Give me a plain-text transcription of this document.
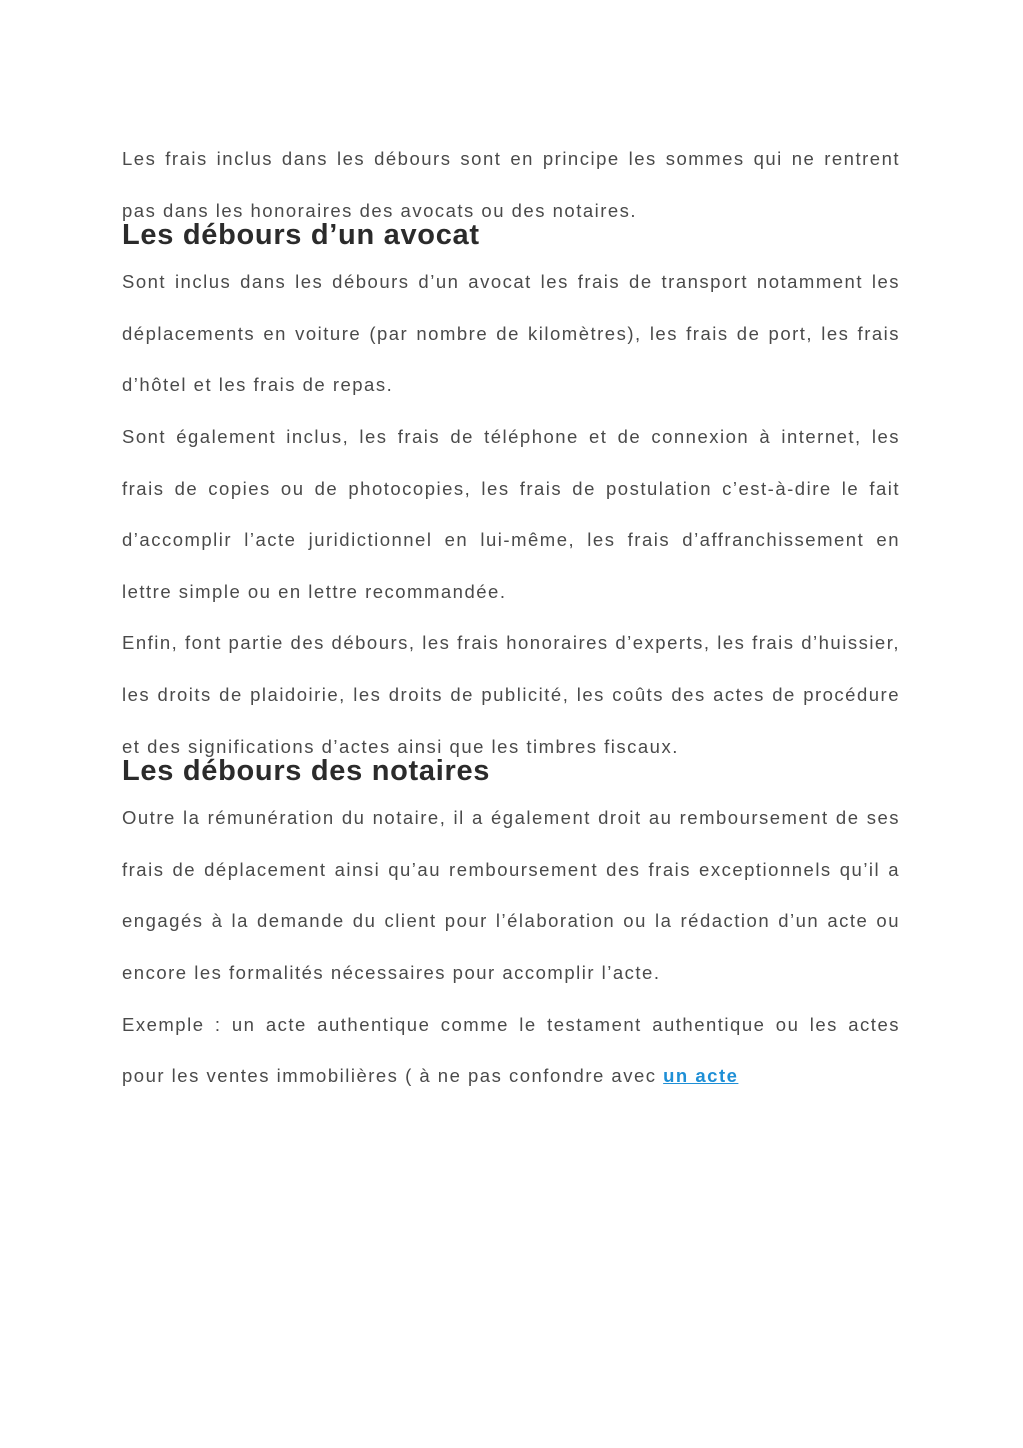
Les frais inclus dans les débours sont en principe les sommes qui ne rentrent pas dans les honoraires des avocats ou des notaires.

Les débours d’un avocat

Sont inclus dans les débours d’un avocat les frais de transport notamment les déplacements en voiture (par nombre de kilomètres), les frais de port, les frais d’hôtel et les frais de repas.

Sont également inclus, les frais de téléphone et de connexion à internet, les frais de copies ou de photocopies, les frais de postulation c’est-à-dire le fait d’accomplir l’acte juridictionnel en lui-même, les frais d’affranchissement en lettre simple ou en lettre recommandée.

Enfin, font partie des débours, les frais honoraires d’experts, les frais d’huissier, les droits de plaidoirie, les droits de publicité, les coûts des actes de procédure et des significations d’actes ainsi que les timbres fiscaux.

Les débours des notaires

Outre la rémunération du notaire, il a également droit au remboursement de ses frais de déplacement ainsi qu’au remboursement des frais exceptionnels qu’il a engagés à la demande du client pour l’élaboration ou la rédaction d’un acte ou encore les formalités nécessaires pour accomplir l’acte.

Exemple : un acte authentique comme le testament authentique ou les actes pour les ventes immobilières ( à ne pas confondre avec un acte
